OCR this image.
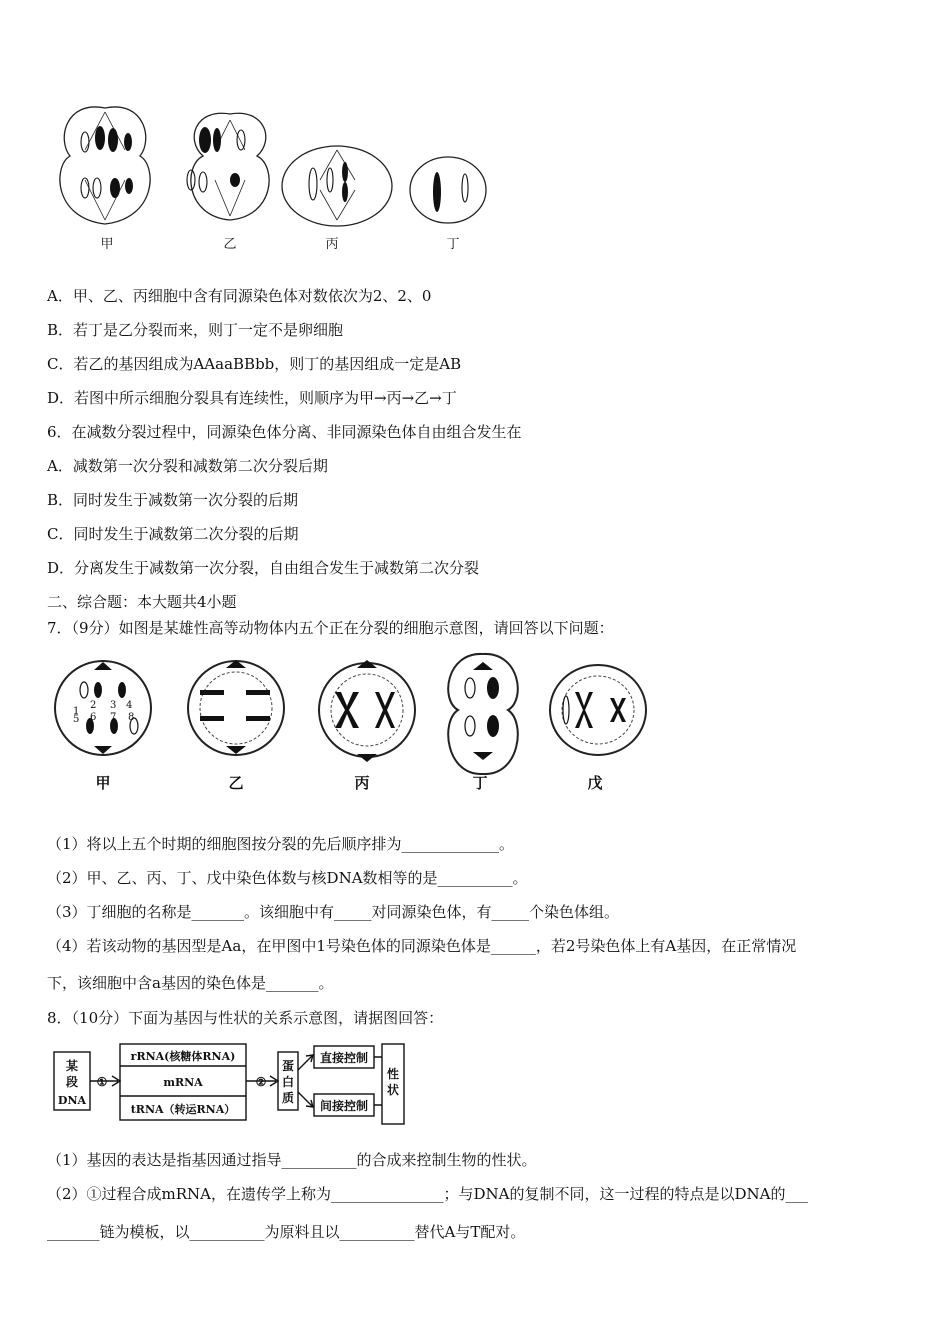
甲	乙	丙	丁
A．甲、乙、丙细胞中含有同源染色体对数依次为2、2、0
B．若丁是乙分裂而来，则丁一定不是卵细胞
C．若乙的基因组成为AAaaBBbb，则丁的基因组成一定是AB
D．若图中所示细胞分裂具有连续性，则顺序为甲→丙→乙→丁
6．在减数分裂过程中，同源染色体分离、非同源染色体自由组合发生在
A．减数第一次分裂和减数第二次分裂后期
B．同时发生于减数第一次分裂的后期
C．同时发生于减数第二次分裂的后期
D．分离发生于减数第一次分裂，自由组合发生于减数第二次分裂
二、综合题：本大题共4小题
7．（9分）如图是某雄性高等动物体内五个正在分裂的细胞示意图，请回答以下问题：
1
2 3 4
5 6 7 8
甲	乙	丙	丁	戊
（1）将以上五个时期的细胞图按分裂的先后顺序排为_____________。
（2）甲、乙、丙、丁、戊中染色体数与核DNA数相等的是__________。
（3）丁细胞的名称是_______。该细胞中有_____对同源染色体，有_____个染色体组。
（4）若该动物的基因型是Aa，在甲图中1号染色体的同源染色体是______，若2号染色体上有A基因，在正常情况
下，该细胞中含a基因的染色体是_______。
8．（10分）下面为基因与性状的关系示意图，请据图回答：
某
段
DNA
①
rRNA(核糖体RNA)
mRNA
tRNA（转运RNA）
②
蛋
白
质
直接控制
间接控制
性
状
（1）基因的表达是指基因通过指导__________的合成来控制生物的性状。
（2）①过程合成mRNA，在遗传学上称为_______________；与DNA的复制不同，这一过程的特点是以DNA的___
_______链为模板，以__________为原料且以__________替代A与T配对。
